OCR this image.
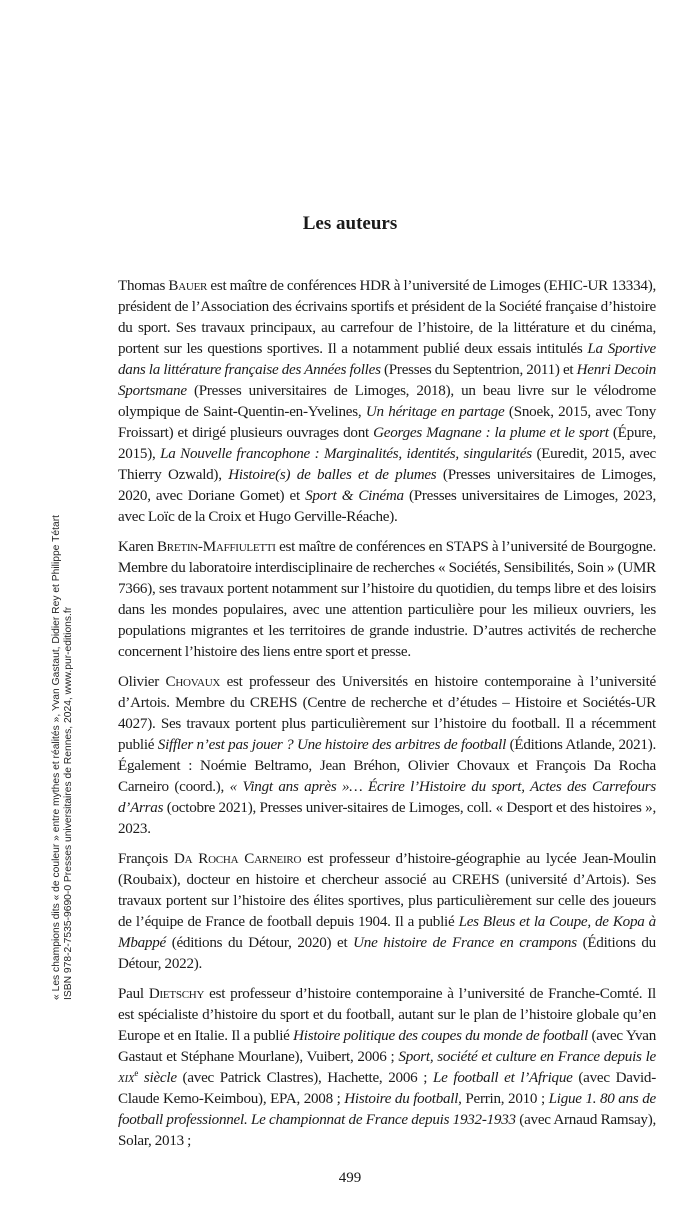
« Les champions dits « de couleur » entre mythes et réalités », Yvan Gastaut, Didier Rey et Philippe Tétart ISBN 978-2-7535-9690-0 Presses universitaires de Rennes, 2024, www.pur-editions.fr
Les auteurs

Thomas Bauer est maître de conférences HDR à l’université de Limoges (EHIC-UR 13334), président de l’Association des écrivains sportifs et président de la Société française d’histoire du sport. Ses travaux principaux, au carrefour de l’histoire, de la littérature et du cinéma, portent sur les questions sportives. Il a notamment publié deux essais intitulés La Sportive dans la littérature française des Années folles (Presses du Septentrion, 2011) et Henri Decoin Sportsmane (Presses universitaires de Limoges, 2018), un beau livre sur le vélodrome olympique de Saint-Quentin-en-Yvelines, Un héritage en partage (Snoek, 2015, avec Tony Froissart) et dirigé plusieurs ouvrages dont Georges Magnane : la plume et le sport (Épure, 2015), La Nouvelle francophone : Marginalités, identités, singularités (Euredit, 2015, avec Thierry Ozwald), Histoire(s) de balles et de plumes (Presses universitaires de Limoges, 2020, avec Doriane Gomet) et Sport & Cinéma (Presses universitaires de Limoges, 2023, avec Loïc de la Croix et Hugo Gerville-Réache).

Karen Bretin-Maffiuletti est maître de conférences en STAPS à l’université de Bourgogne. Membre du laboratoire interdisciplinaire de recherches « Sociétés, Sensibilités, Soin » (UMR 7366), ses travaux portent notamment sur l’histoire du quotidien, du temps libre et des loisirs dans les mondes populaires, avec une attention particulière pour les milieux ouvriers, les populations migrantes et les territoires de grande industrie. D’autres activités de recherche concernent l’histoire des liens entre sport et presse.

Olivier Chovaux est professeur des Universités en histoire contemporaine à l’université d’Artois. Membre du CREHS (Centre de recherche et d’études – Histoire et Sociétés-UR 4027). Ses travaux portent plus particulièrement sur l’histoire du football. Il a récemment publié Siffler n’est pas jouer ? Une histoire des arbitres de football (Éditions Atlande, 2021). Également : Noémie Beltramo, Jean Bréhon, Olivier Chovaux et François Da Rocha Carneiro (coord.), « Vingt ans après »… Écrire l’Histoire du sport, Actes des Carrefours d’Arras (octobre 2021), Presses univer-sitaires de Limoges, coll. « Desport et des histoires », 2023.

François Da Rocha Carneiro est professeur d’histoire-géographie au lycée Jean-Moulin (Roubaix), docteur en histoire et chercheur associé au CREHS (université d’Artois). Ses travaux portent sur l’histoire des élites sportives, plus particulièrement sur celle des joueurs de l’équipe de France de football depuis 1904. Il a publié Les Bleus et la Coupe, de Kopa à Mbappé (éditions du Détour, 2020) et Une histoire de France en crampons (Éditions du Détour, 2022).

Paul Dietschy est professeur d’histoire contemporaine à l’université de Franche-Comté. Il est spécialiste d’histoire du sport et du football, autant sur le plan de l’histoire globale qu’en Europe et en Italie. Il a publié Histoire politique des coupes du monde de football (avec Yvan Gastaut et Stéphane Mourlane), Vuibert, 2006 ; Sport, société et culture en France depuis le xix$^e$ siècle (avec Patrick Clastres), Hachette, 2006 ; Le football et l’Afrique (avec David-Claude Kemo-Keimbou), EPA, 2008 ; Histoire du football, Perrin, 2010 ; Ligue 1. 80 ans de football professionnel. Le championnat de France depuis 1932-1933 (avec Arnaud Ramsay), Solar, 2013 ;

499
